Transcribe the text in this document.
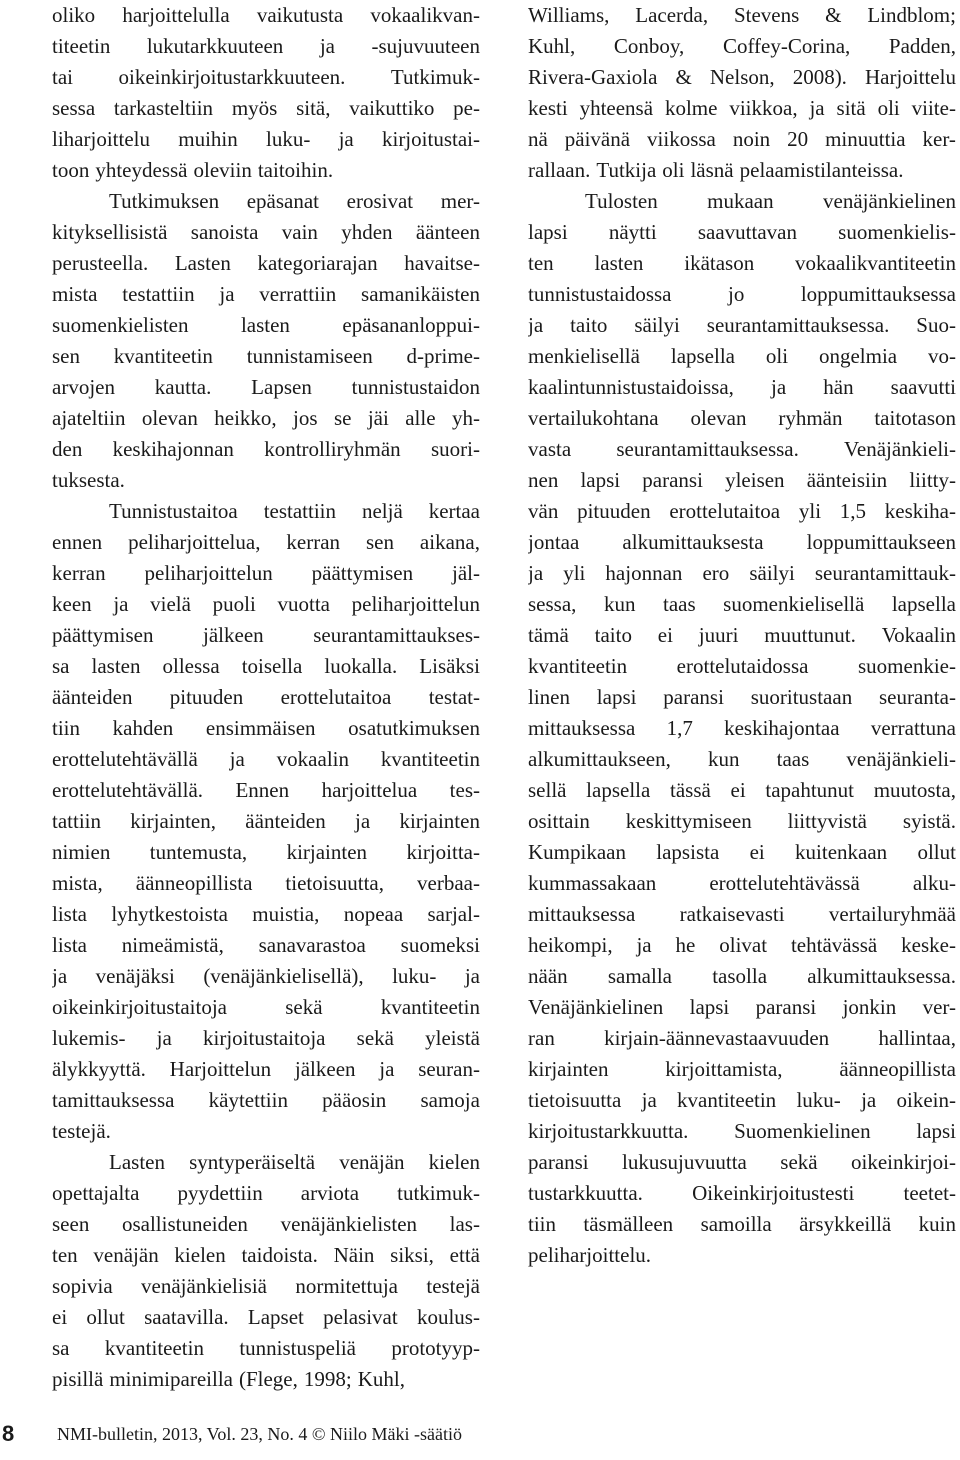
oliko harjoittelulla vaikutusta vokaalikvan-
titeetin lukutarkkuuteen ja -sujuvuuteen
tai oikeinkirjoitustarkkuuteen. Tutkimuk-
sessa tarkasteltiin myös sitä, vaikuttiko pe-
liharjoittelu muihin luku- ja kirjoitustai-
toon yhteydessä oleviin taitoihin.
Tutkimuksen epäsanat erosivat mer-
kityksellisistä sanoista vain yhden äänteen
perusteella. Lasten kategoriarajan havaitse-
mista testattiin ja verrattiin samanikäisten
suomenkielisten lasten epäsananloppui-
sen kvantiteetin tunnistamiseen d-prime-
arvojen kautta. Lapsen tunnistustaidon
ajateltiin olevan heikko, jos se jäi alle yh-
den keskihajonnan kontrolliryhmän suori-
tuksesta.
Tunnistustaitoa testattiin neljä kertaa
ennen peliharjoittelua, kerran sen aikana,
kerran peliharjoittelun päättymisen jäl-
keen ja vielä puoli vuotta peliharjoittelun
päättymisen jälkeen seurantamittaukses-
sa lasten ollessa toisella luokalla. Lisäksi
äänteiden pituuden erottelutaitoa testat-
tiin kahden ensimmäisen osatutkimuksen
erottelutehtävällä ja vokaalin kvantiteetin
erottelutehtävällä. Ennen harjoittelua tes-
tattiin kirjainten, äänteiden ja kirjainten
nimien tuntemusta, kirjainten kirjoitta-
mista, äänneopillista tietoisuutta, verbaa-
lista lyhytkestoista muistia, nopeaa sarjal-
lista nimeämistä, sanavarastoa suomeksi
ja venäjäksi (venäjänkielisellä), luku- ja
oikeinkirjoitustaitoja	sekä	kvantiteetin
lukemis- ja kirjoitustaitoja sekä yleistä
älykkyyttä. Harjoittelun jälkeen ja seuran-
tamittauksessa käytettiin pääosin samoja
testejä.
Lasten syntyperäiseltä venäjän kielen
opettajalta pyydettiin arviota tutkimuk-
seen osallistuneiden venäjänkielisten las-
ten venäjän kielen taidoista. Näin siksi, että
sopivia venäjänkielisiä normitettuja testejä
ei ollut saatavilla. Lapset pelasivat koulus-
sa kvantiteetin tunnistuspeliä prototyyp-
pisillä minimipareilla (Flege, 1998; Kuhl,
Williams, Lacerda, Stevens & Lindblom;
Kuhl, Conboy, Coffey-Corina, Padden,
Rivera-Gaxiola & Nelson, 2008). Harjoittelu
kesti yhteensä kolme viikkoa, ja sitä oli viite-
nä päivänä viikossa noin 20 minuuttia ker-
rallaan. Tutkija oli läsnä pelaamistilanteissa.
Tulosten mukaan venäjänkielinen
lapsi näytti saavuttavan suomenkielis-
ten lasten ikätason vokaalikvantiteetin
tunnistustaidossa	jo	loppumittauksessa
ja taito säilyi seurantamittauksessa. Suo-
menkielisellä lapsella oli ongelmia vo-
kaalintunnistustaidoissa, ja hän saavutti
vertailukohtana olevan ryhmän taitotason
vasta seurantamittauksessa. Venäjänkieli-
nen lapsi paransi yleisen äänteisiin liitty-
vän pituuden erottelutaitoa yli 1,5 keskiha-
jontaa alkumittauksesta loppumittaukseen
ja yli hajonnan ero säilyi seurantamittauk-
sessa, kun taas suomenkielisellä lapsella
tämä taito ei juuri muuttunut. Vokaalin
kvantiteetin erottelutaidossa suomenkie-
linen lapsi paransi suoritustaan seuranta-
mittauksessa 1,7 keskihajontaa verrattuna
alkumittaukseen, kun taas venäjänkieli-
sellä lapsella tässä ei tapahtunut muutosta,
osittain keskittymiseen liittyvistä syistä.
Kumpikaan lapsista ei kuitenkaan ollut
kummassakaan	erottelutehtävässä	alku-
mittauksessa ratkaisevasti vertailuryhmää
heikompi, ja he olivat tehtävässä keske-
nään samalla tasolla alkumittauksessa.
Venäjänkielinen lapsi paransi jonkin ver-
ran kirjain-äännevastaavuuden hallintaa,
kirjainten	kirjoittamista,	äänneopillista
tietoisuutta ja kvantiteetin luku- ja oikein-
kirjoitustarkkuutta. Suomenkielinen lapsi
paransi lukusujuvuutta sekä oikeinkirjoi-
tustarkkuutta. Oikeinkirjoitustesti teetet-
tiin täsmälleen samoilla ärsykkeillä kuin
peliharjoittelu.
8 NMI-bulletin, 2013, Vol. 23, No. 4 © Niilo Mäki -säätiö
